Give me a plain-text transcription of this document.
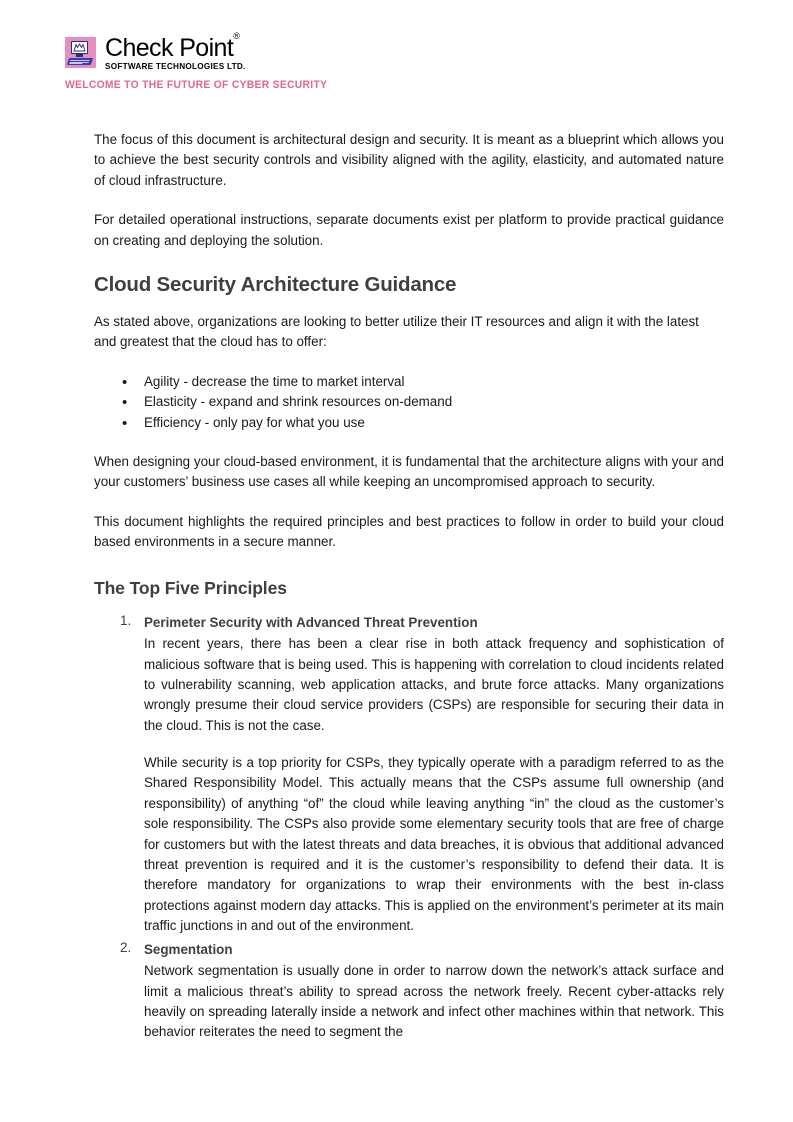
Check Point®
SOFTWARE TECHNOLOGIES LTD.
WELCOME TO THE FUTURE OF CYBER SECURITY

The focus of this document is architectural design and security. It is meant as a blueprint which allows you to achieve the best security controls and visibility aligned with the agility, elasticity, and automated nature of cloud infrastructure.

For detailed operational instructions, separate documents exist per platform to provide practical guidance on creating and deploying the solution.

Cloud Security Architecture Guidance

As stated above, organizations are looking to better utilize their IT resources and align it with the latest and greatest that the cloud has to offer:

• Agility - decrease the time to market interval
• Elasticity - expand and shrink resources on-demand
• Efficiency - only pay for what you use

When designing your cloud-based environment, it is fundamental that the architecture aligns with your and your customers’ business use cases all while keeping an uncompromised approach to security.

This document highlights the required principles and best practices to follow in order to build your cloud based environments in a secure manner.

The Top Five Principles
Perimeter Security with Advanced Threat Prevention

In recent years, there has been a clear rise in both attack frequency and sophistication of malicious software that is being used. This is happening with correlation to cloud incidents related to vulnerability scanning, web application attacks, and brute force attacks. Many organizations wrongly presume their cloud service providers (CSPs) are responsible for securing their data in the cloud. This is not the case.

While security is a top priority for CSPs, they typically operate with a paradigm referred to as the Shared Responsibility Model. This actually means that the CSPs assume full ownership (and responsibility) of anything “of” the cloud while leaving anything “in” the cloud as the customer’s sole responsibility. The CSPs also provide some elementary security tools that are free of charge for customers but with the latest threats and data breaches, it is obvious that additional advanced threat prevention is required and it is the customer’s responsibility to defend their data. It is therefore mandatory for organizations to wrap their environments with the best in-class protections against modern day attacks. This is applied on the environment’s perimeter at its main traffic junctions in and out of the environment.

Segmentation

Network segmentation is usually done in order to narrow down the network’s attack surface and limit a malicious threat’s ability to spread across the network freely. Recent cyber-attacks rely heavily on spreading laterally inside a network and infect other machines within that network. This behavior reiterates the need to segment the
